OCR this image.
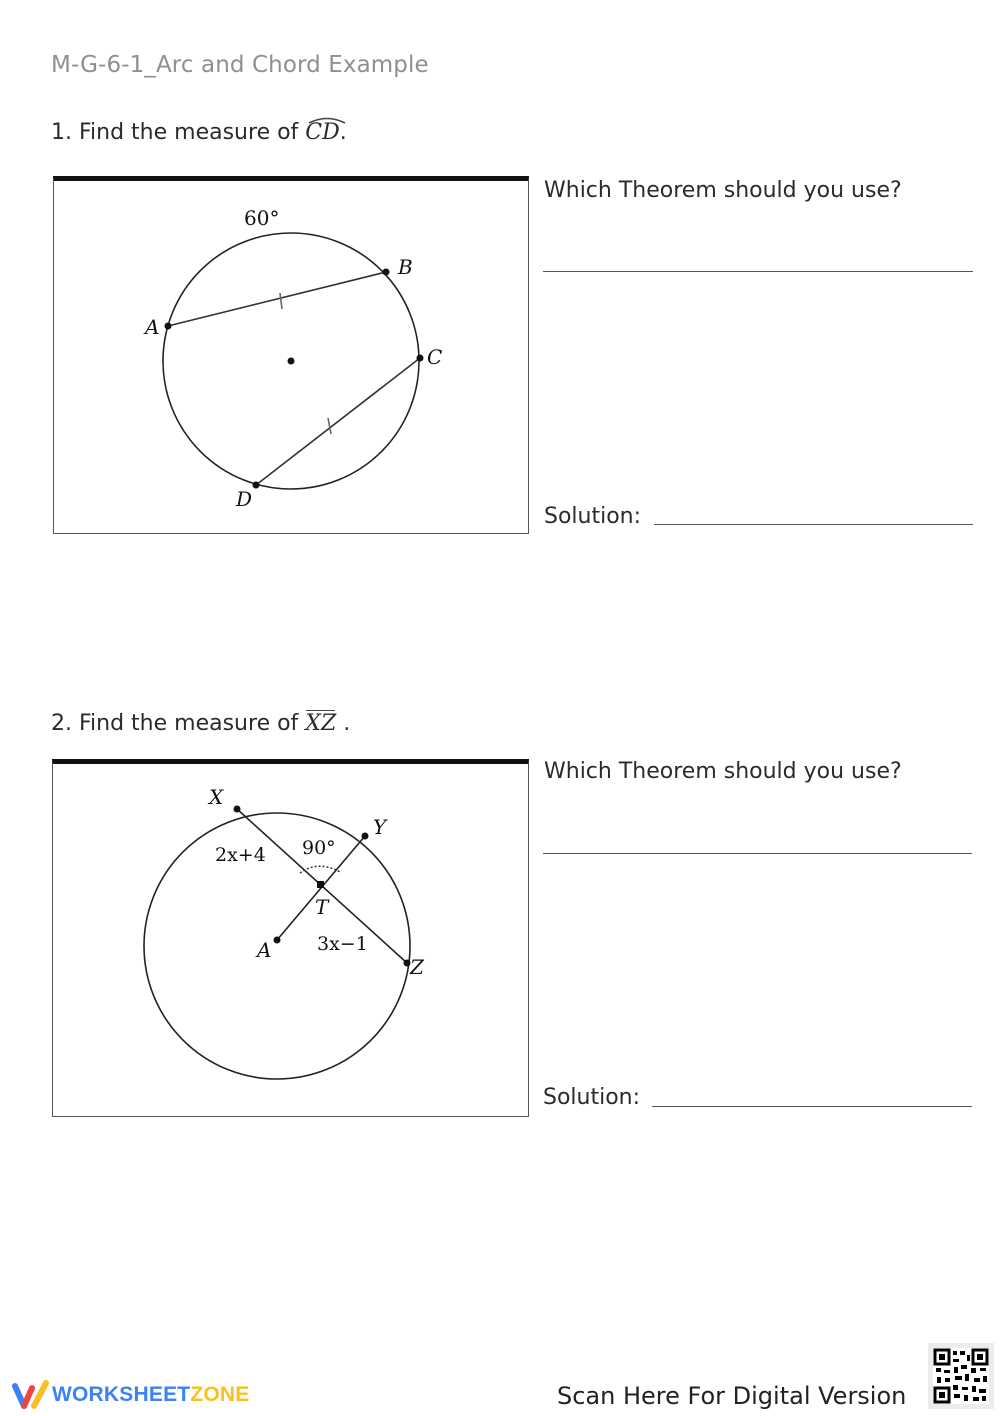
M-G-6-1_Arc and Chord Example
1. Find the measure of
CD.
60°
A
B
C
D
Which Theorem should you use?
Solution:
2. Find the measure of
XZ .
X
Y
Z
T
A
2x+4
3x−1
90°
Which Theorem should you use?
Solution:
WORKSHEET ZONE	Scan Here For Digital Version
